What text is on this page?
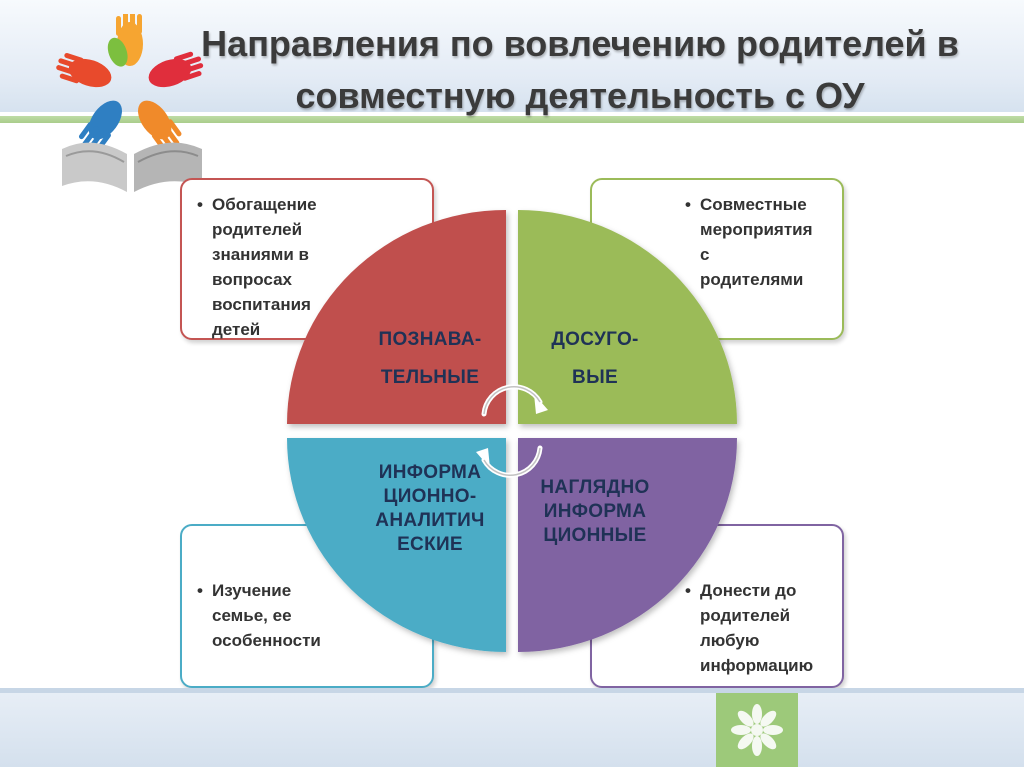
Направления по вовлечению родителей в
совместную деятельность с ОУ
• Обогащение
родителей
знаниями в
вопросах
воспитания
детей
• Совместные
мероприятия
с
родителями
• Изучение
семье, ее
особенности
• Донести до
родителей
любую
информацию
ПОЗНАВА-
ТЕЛЬНЫЕ
ДОСУГО-
ВЫЕ
ИНФОРМА
ЦИОННО-
АНАЛИТИЧ
ЕСКИЕ
НАГЛЯДНО
ИНФОРМА
ЦИОННЫЕ
